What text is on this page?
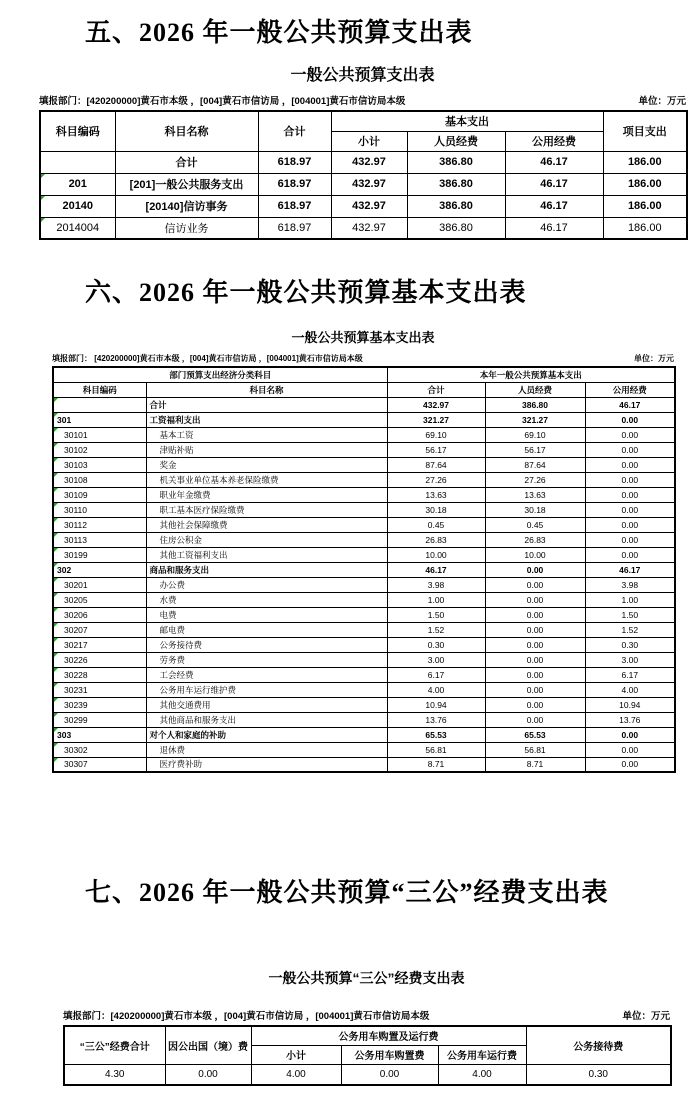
五、2026 年一般公共预算支出表
一般公共预算支出表
填报部门：[420200000]黄石市本级 ，[004]黄石市信访局 ，[004001]黄石市信访局本级	单位：万元
科目编码	科目名称	合计	基本支出			项目支出
			小计	人员经费	公用经费	
	合计	618.97	432.97	386.80	46.17	186.00
201	[201]一般公共服务支出	618.97	432.97	386.80	46.17	186.00
20140	[20140]信访事务	618.97	432.97	386.80	46.17	186.00
2014004	信访业务	618.97	432.97	386.80	46.17	186.00
六、2026 年一般公共预算基本支出表
一般公共预算基本支出表
填报部门： [420200000]黄石市本级 ，[004]黄石市信访局 ，[004001]黄石市信访局本级	单位：万元
部门预算支出经济分类科目		本年一般公共预算基本支出		
科目编码	科目名称	合计	人员经费	公用经费
	合计	432.97	386.80	46.17
301	工资福利支出	321.27	321.27	0.00
30101	基本工资	69.10	69.10	0.00
30102	津贴补贴	56.17	56.17	0.00
30103	奖金	87.64	87.64	0.00
30108	机关事业单位基本养老保险缴费	27.26	27.26	0.00
30109	职业年金缴费	13.63	13.63	0.00
30110	职工基本医疗保险缴费	30.18	30.18	0.00
30112	其他社会保障缴费	0.45	0.45	0.00
30113	住房公积金	26.83	26.83	0.00
30199	其他工资福利支出	10.00	10.00	0.00
302	商品和服务支出	46.17	0.00	46.17
30201	办公费	3.98	0.00	3.98
30205	水费	1.00	0.00	1.00
30206	电费	1.50	0.00	1.50
30207	邮电费	1.52	0.00	1.52
30217	公务接待费	0.30	0.00	0.30
30226	劳务费	3.00	0.00	3.00
30228	工会经费	6.17	0.00	6.17
30231	公务用车运行维护费	4.00	0.00	4.00
30239	其他交通费用	10.94	0.00	10.94
30299	其他商品和服务支出	13.76	0.00	13.76
303	对个人和家庭的补助	65.53	65.53	0.00
30302	退休费	56.81	56.81	0.00
30307	医疗费补助	8.71	8.71	0.00
七、2026 年一般公共预算“三公”经费支出表
一般公共预算“三公”经费支出表
填报部门：[420200000]黄石市本级 ，[004]黄石市信访局 ，[004001]黄石市信访局本级	单位：万元
“三公”经费合计	因公出国（境）费	公务用车购置及运行费			公务接待费
		小计	公务用车购置费	公务用车运行费	
4.30	0.00	4.00	0.00	4.00	0.30
